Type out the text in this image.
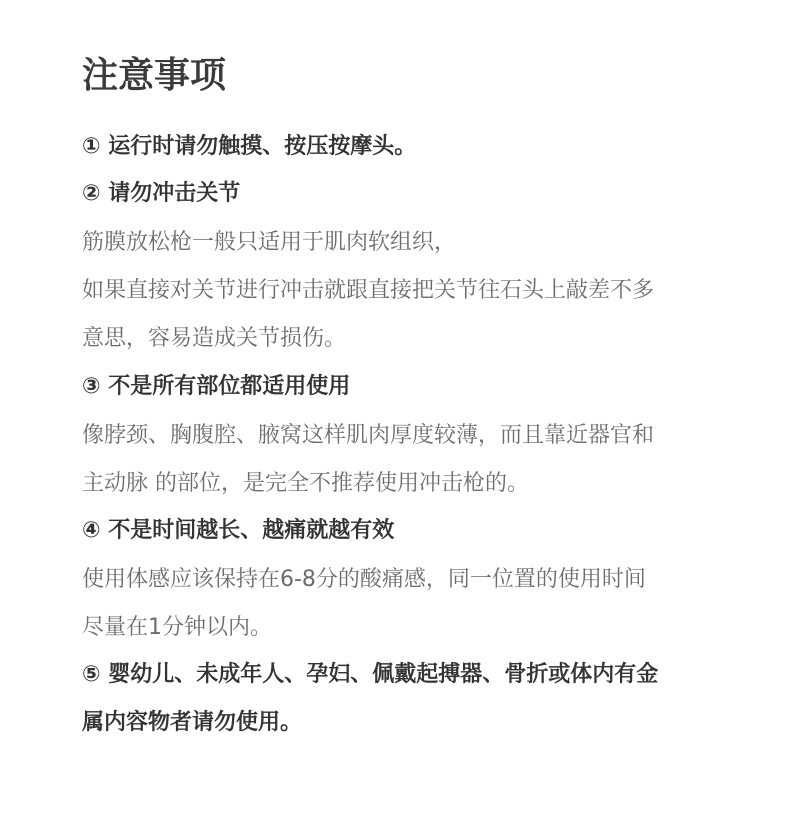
注意事项

① 运行时请勿触摸、按压按摩头。

② 请勿冲击关节

筋膜放松枪一般只适用于肌肉软组织，

如果直接对关节进行冲击就跟直接把关节往石头上敲差不多

意思，容易造成关节损伤。

③ 不是所有部位都适用使用

像脖颈、胸腹腔、腋窝这样肌肉厚度较薄，而且靠近器官和

主动脉 的部位，是完全不推荐使用冲击枪的。

④ 不是时间越长、越痛就越有效

使用体感应该保持在6-8分的酸痛感，同一位置的使用时间

尽量在1分钟以内。

⑤ 婴幼儿、未成年人、孕妇、佩戴起搏器、骨折或体内有金

属内容物者请勿使用。
